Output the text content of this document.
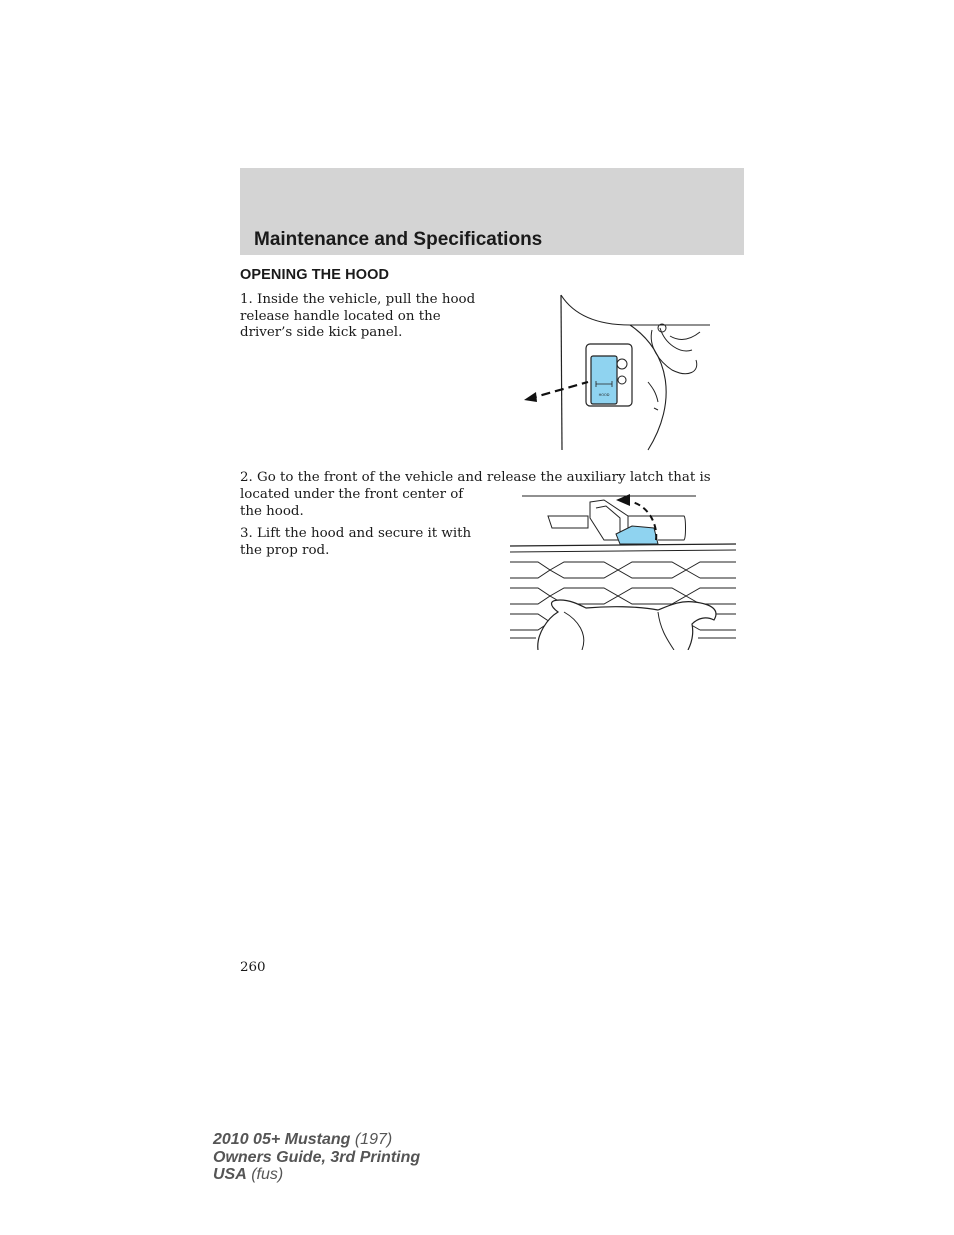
Maintenance and Specifications
OPENING THE HOOD

1. Inside the vehicle, pull the hood release handle located on the driver’s side kick panel.

HOOD

2. Go to the front of the vehicle and release the auxiliary latch that is

located under the front center of the hood.

3. Lift the hood and secure it with the prop rod.

260
2010 05+ Mustang (197)
Owners Guide, 3rd Printing
USA (fus)
